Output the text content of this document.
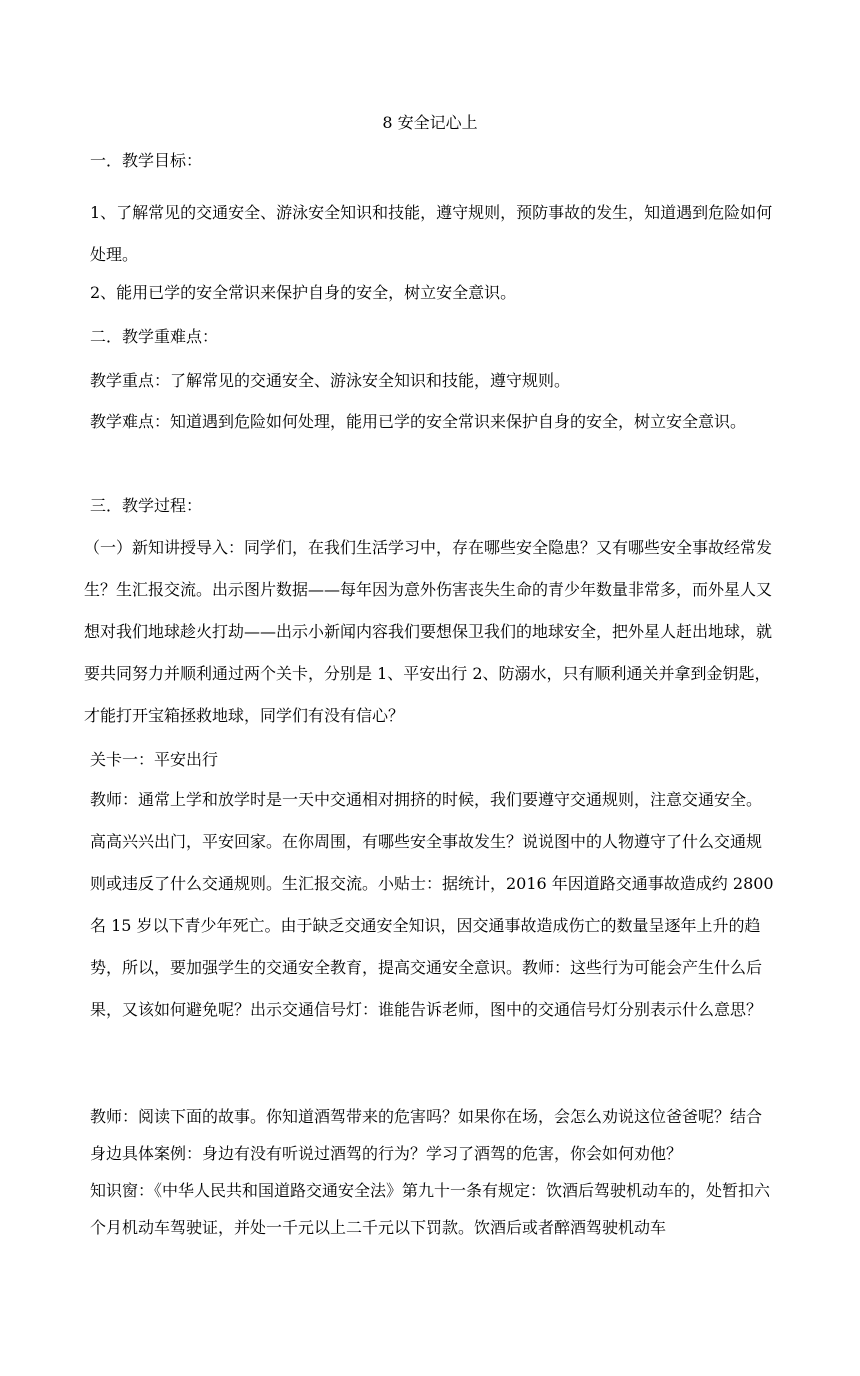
8 安全记心上

一．教学目标：

1、了解常见的交通安全、游泳安全知识和技能，遵守规则，预防事故的发生，知道遇到危险如何处理。

2、能用已学的安全常识来保护自身的安全，树立安全意识。

二．教学重难点：

教学重点：了解常见的交通安全、游泳安全知识和技能，遵守规则。

教学难点：知道遇到危险如何处理，能用已学的安全常识来保护自身的安全，树立安全意识。

三．教学过程：

（一）新知讲授导入：同学们，在我们生活学习中，存在哪些安全隐患？又有哪些安全事故经常发生？生汇报交流。出示图片数据——每年因为意外伤害丧失生命的青少年数量非常多，而外星人又想对我们地球趁火打劫——出示小新闻内容我们要想保卫我们的地球安全，把外星人赶出地球，就要共同努力并顺利通过两个关卡，分别是 1、平安出行 2、防溺水，只有顺利通关并拿到金钥匙，才能打开宝箱拯救地球，同学们有没有信心？

关卡一：平安出行

教师：通常上学和放学时是一天中交通相对拥挤的时候，我们要遵守交通规则，注意交通安全。高高兴兴出门，平安回家。在你周围，有哪些安全事故发生？说说图中的人物遵守了什么交通规则或违反了什么交通规则。生汇报交流。小贴士：据统计，2016 年因道路交通事故造成约 2800 名 15 岁以下青少年死亡。由于缺乏交通安全知识，因交通事故造成伤亡的数量呈逐年上升的趋势，所以，要加强学生的交通安全教育，提高交通安全意识。教师：这些行为可能会产生什么后果，又该如何避免呢？出示交通信号灯：谁能告诉老师，图中的交通信号灯分别表示什么意思？

教师：阅读下面的故事。你知道酒驾带来的危害吗？如果你在场，会怎么劝说这位爸爸呢？结合身边具体案例：身边有没有听说过酒驾的行为？学习了酒驾的危害，你会如何劝他？

知识窗：《中华人民共和国道路交通安全法》第九十一条有规定：饮酒后驾驶机动车的，处暂扣六个月机动车驾驶证，并处一千元以上二千元以下罚款。饮酒后或者醉酒驾驶机动车
